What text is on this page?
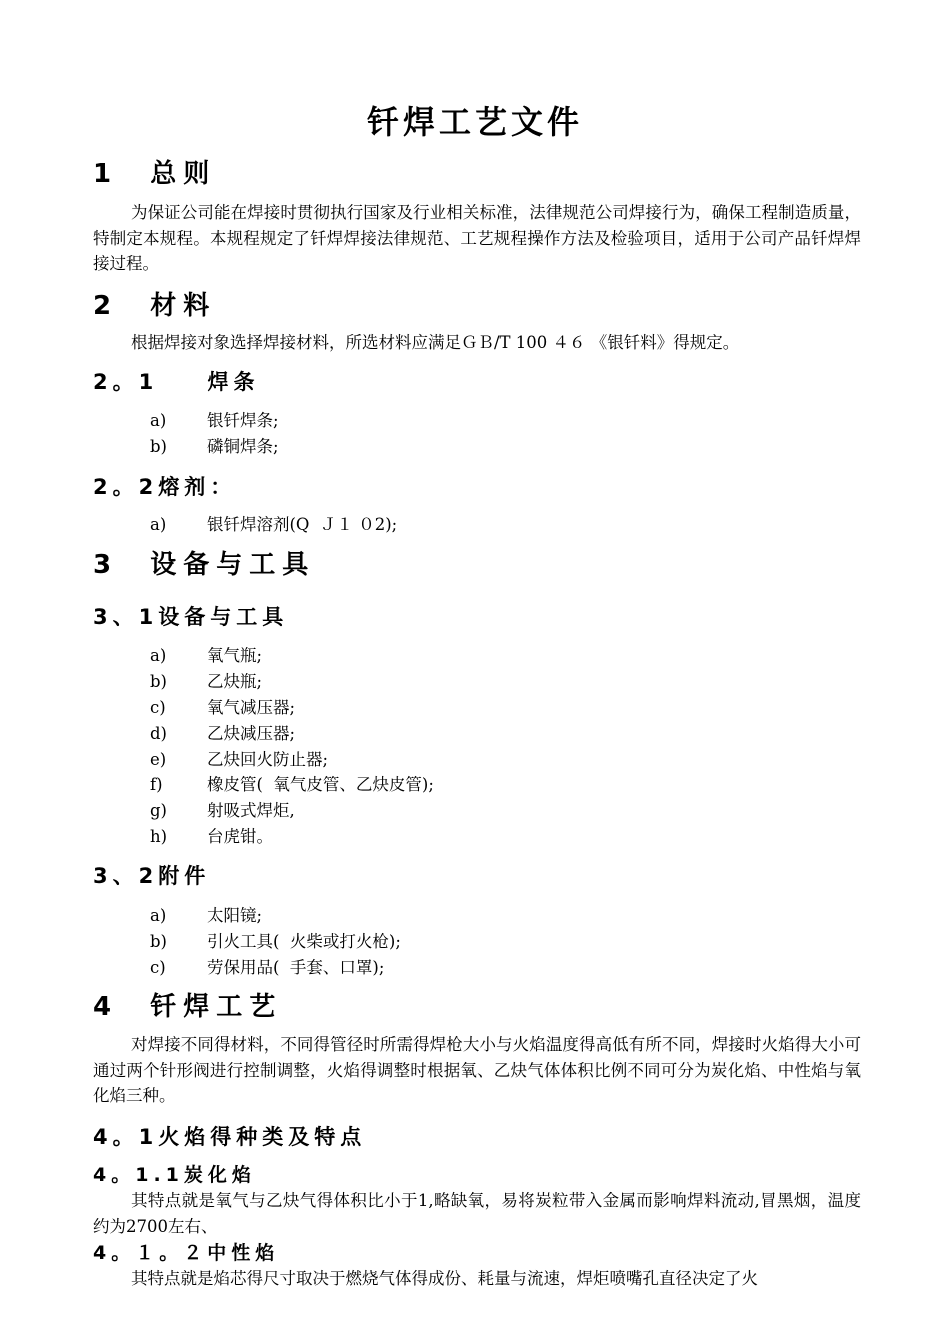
钎焊工艺文件
1  总则
为保证公司能在焊接时贯彻执行国家及行业相关标准，法律规范公司焊接行为，确保工程制造质量，特制定本规程。本规程规定了钎焊焊接法律规范、工艺规程操作方法及检验项目，适用于公司产品钎焊焊接过程。
2  材料
根据焊接对象选择焊接材料，所选材料应满足ＧＢ/T 100 ４６ 《银钎料》得规定。
2。1    焊条
a) 银钎焊条;
b) 磷铜焊条;
2。2熔剂：
a) 银钎焊溶剂(Q  Ｊ１ ０2);
3  设备与工具
3、1设备与工具
a) 氧气瓶;
b) 乙炔瓶;
c)	氧气减压器;
d) 乙炔减压器;
e) 乙炔回火防止器;
f)	橡皮管(  氧气皮管、乙炔皮管);
g) 射吸式焊炬,
h) 台虎钳。
3、2附件
a) 太阳镜;
b) 引火工具(  火柴或打火枪);
c)	劳保用品(  手套、口罩);
4  钎焊工艺
对焊接不同得材料，不同得管径时所需得焊枪大小与火焰温度得高低有所不同，焊接时火焰得大小可通过两个针形阀进行控制调整，火焰得调整时根据氧、乙炔气体体积比例不同可分为炭化焰、中性焰与氧化焰三种。
4。1火焰得种类及特点
4。1.1炭化焰
其特点就是氧气与乙炔气得体积比小于1,略缺氧，易将炭粒带入金属而影响焊料流动,冒黑烟，温度约为2700左右、
4。１。２中性焰
其特点就是焰芯得尺寸取决于燃烧气体得成份、耗量与流速，焊炬喷嘴孔直径决定了火
